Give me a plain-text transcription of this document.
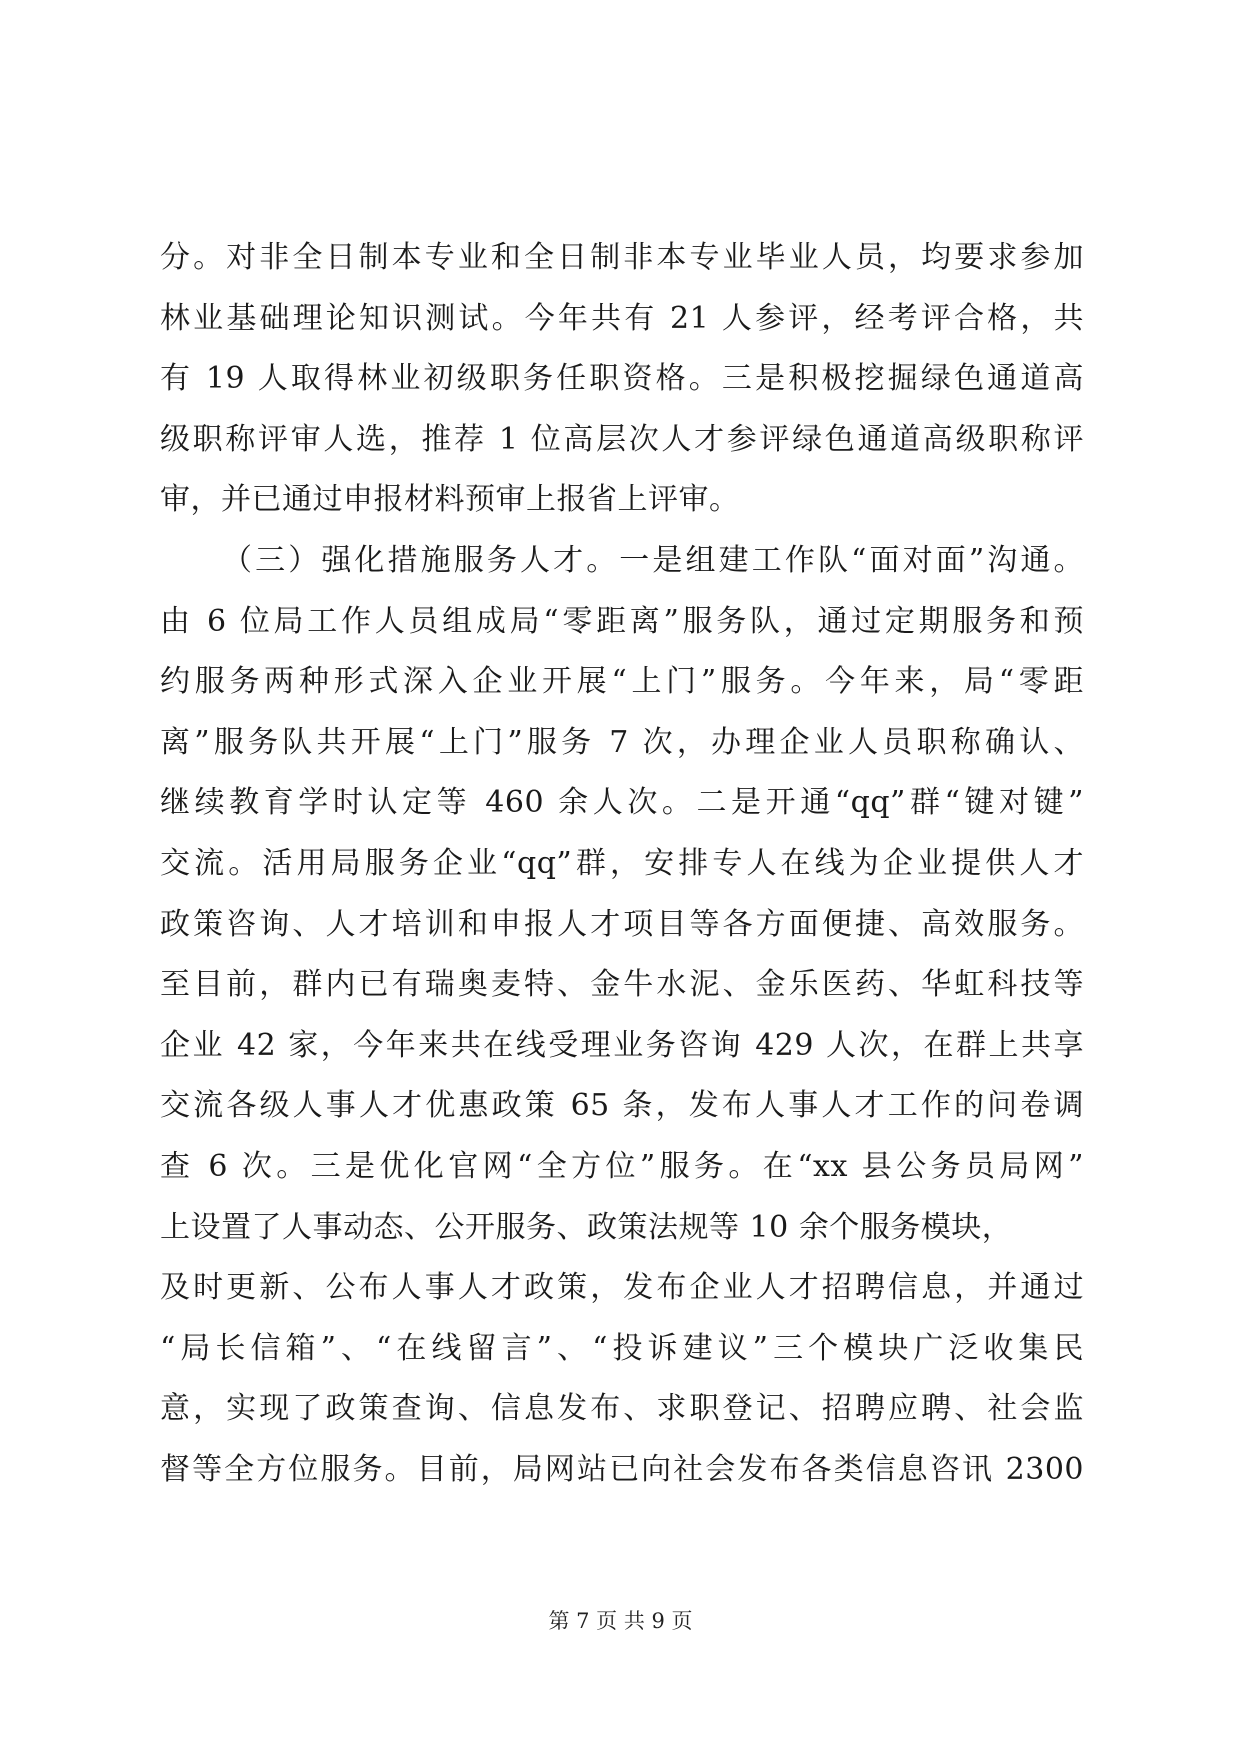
分。对非全日制本专业和全日制非本专业毕业人员，均要求参加
林业基础理论知识测试。今年共有 21 人参评，经考评合格，共
有 19 人取得林业初级职务任职资格。三是积极挖掘绿色通道高
级职称评审人选，推荐 1 位高层次人才参评绿色通道高级职称评
审，并已通过申报材料预审上报省上评审。
（三）强化措施服务人才。一是组建工作队“面对面”沟通。
由 6 位局工作人员组成局“零距离”服务队，通过定期服务和预
约服务两种形式深入企业开展“上门”服务。今年来，局“零距
离”服务队共开展“上门”服务 7 次，办理企业人员职称确认、
继续教育学时认定等 460 余人次。二是开通“qq”群“键对键”
交流。活用局服务企业“qq”群，安排专人在线为企业提供人才
政策咨询、人才培训和申报人才项目等各方面便捷、高效服务。
至目前，群内已有瑞奥麦特、金牛水泥、金乐医药、华虹科技等
企业 42 家，今年来共在线受理业务咨询 429 人次，在群上共享
交流各级人事人才优惠政策 65 条，发布人事人才工作的问卷调
查 6 次。三是优化官网“全方位”服务。在“xx 县公务员局网”
上设置了人事动态、公开服务、政策法规等 10 余个服务模块，
及时更新、公布人事人才政策，发布企业人才招聘信息，并通过
“局长信箱”、“在线留言”、“投诉建议”三个模块广泛收集民
意，实现了政策查询、信息发布、求职登记、招聘应聘、社会监
督等全方位服务。目前，局网站已向社会发布各类信息咨讯 2300
第 7 页 共 9 页
